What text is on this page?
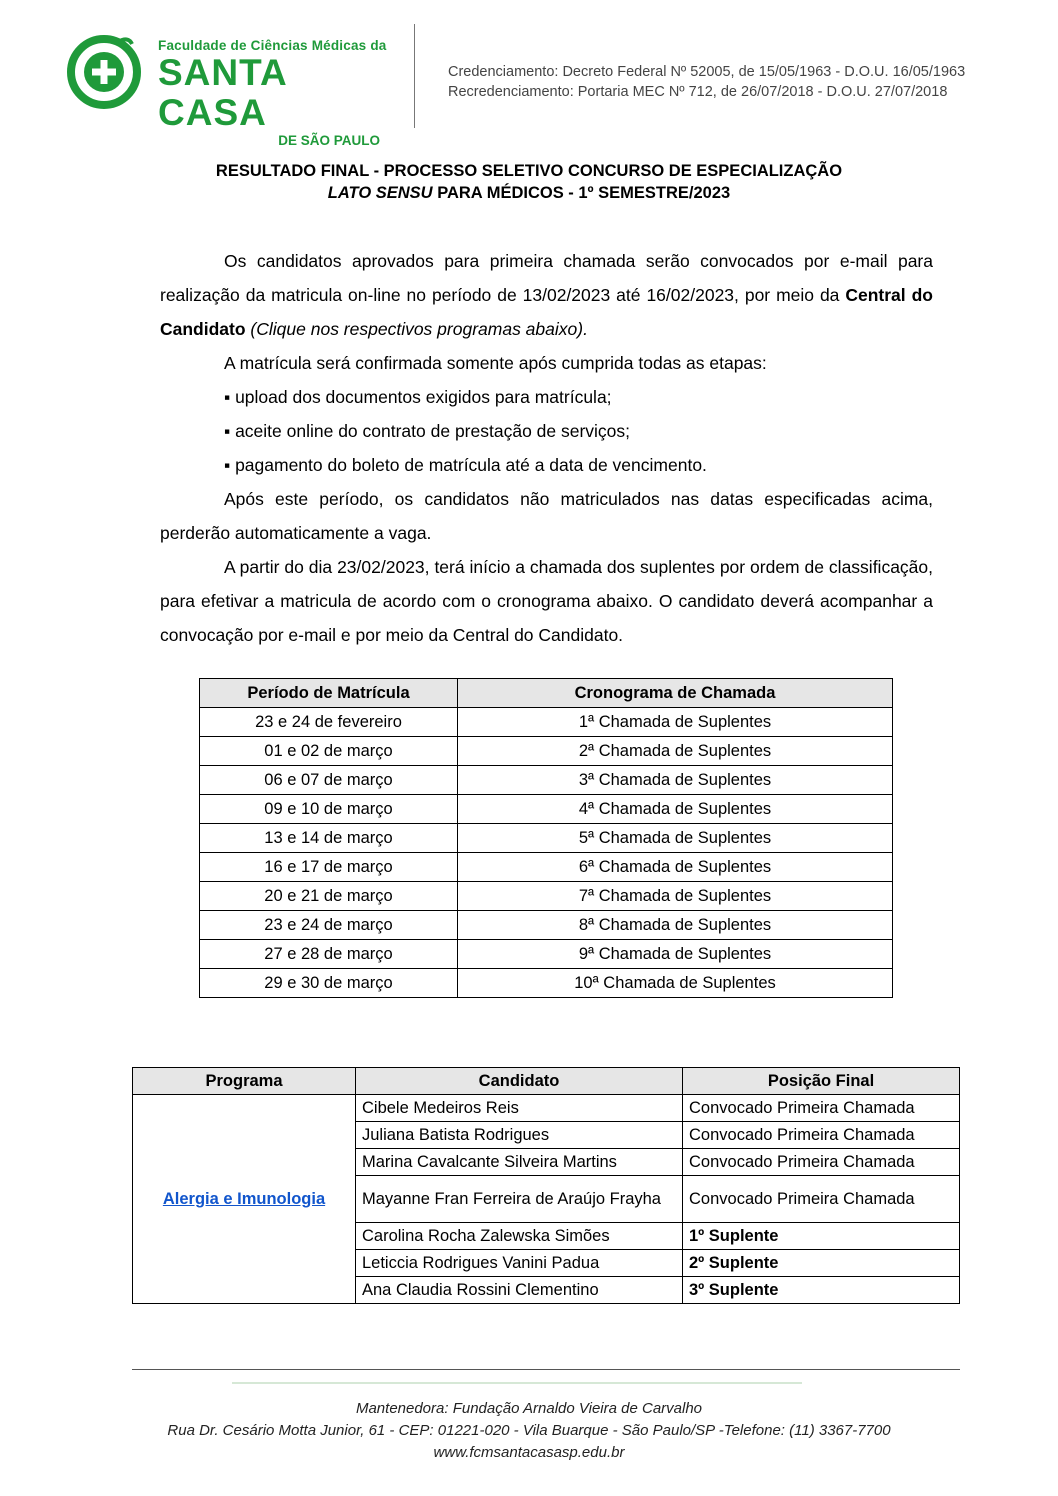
Faculdade de Ciências Médicas da
SANTA CASA
DE SÃO PAULO
Credenciamento: Decreto Federal Nº 52005, de 15/05/1963 - D.O.U. 16/05/1963
Recredenciamento: Portaria MEC Nº 712, de 26/07/2018 - D.O.U. 27/07/2018
RESULTADO FINAL - PROCESSO SELETIVO CONCURSO DE ESPECIALIZAÇÃO
LATO SENSU PARA MÉDICOS - 1º SEMESTRE/2023

Os candidatos aprovados para primeira chamada serão convocados por e-mail para realização da matricula on-line no período de 13/02/2023 até 16/02/2023, por meio da Central do Candidato (Clique nos respectivos programas abaixo).

A matrícula será confirmada somente após cumprida todas as etapas:

▪ upload dos documentos exigidos para matrícula;

▪ aceite online do contrato de prestação de serviços;

▪ pagamento do boleto de matrícula até a data de vencimento.

Após este período, os candidatos não matriculados nas datas especificadas acima, perderão automaticamente a vaga.

A partir do dia 23/02/2023, terá início a chamada dos suplentes por ordem de classificação, para efetivar a matricula de acordo com o cronograma abaixo. O candidato deverá acompanhar a convocação por e-mail e por meio da Central do Candidato.

Período de Matrícula	Cronograma de Chamada
23 e 24 de fevereiro	1ª Chamada de Suplentes
01 e 02 de março	2ª Chamada de Suplentes
06 e 07 de março	3ª Chamada de Suplentes
09 e 10 de março	4ª Chamada de Suplentes
13 e 14 de março	5ª Chamada de Suplentes
16 e 17 de março	6ª Chamada de Suplentes
20 e 21 de março	7ª Chamada de Suplentes
23 e 24 de março	8ª Chamada de Suplentes
27 e 28 de março	9ª Chamada de Suplentes
29 e 30 de março	10ª Chamada de Suplentes
Programa	Candidato	Posição Final
Alergia e Imunologia	Cibele Medeiros Reis	Convocado Primeira Chamada
	Juliana Batista Rodrigues	Convocado Primeira Chamada
	Marina Cavalcante Silveira Martins	Convocado Primeira Chamada
	Mayanne Fran Ferreira de Araújo Frayha	Convocado Primeira Chamada
	Carolina Rocha Zalewska Simões	1º Suplente
	Leticcia Rodrigues Vanini Padua	2º Suplente
	Ana Claudia Rossini Clementino	3º Suplente
Mantenedora: Fundação Arnaldo Vieira de Carvalho
Rua Dr. Cesário Motta Junior, 61 - CEP: 01221-020 - Vila Buarque - São Paulo/SP -Telefone: (11) 3367-7700
www.fcmsantacasasp.edu.br
